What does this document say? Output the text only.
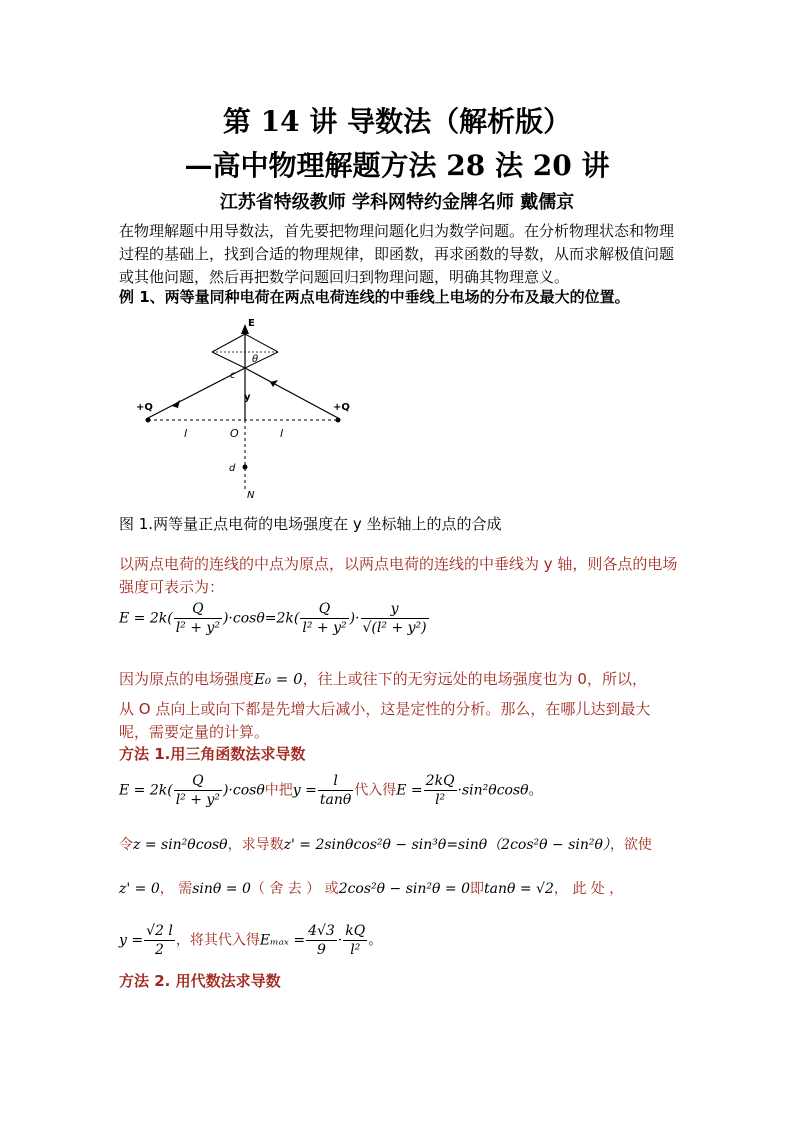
第 14 讲 导数法（解析版）
—高中物理解题方法 28 法 20 讲
江苏省特级教师 学科网特约金牌名师 戴儒京
在物理解题中用导数法，首先要把物理问题化归为数学问题。在分析物理状态和物理过程的基础上，找到合适的物理规律，即函数，再求函数的导数，从而求解极值问题或其他问题，然后再把数学问题回归到物理问题，明确其物理意义。
例 1、两等量同种电荷在两点电荷连线的中垂线上电场的分布及最大的位置。
E
θ
c
y
+Q	+Q
l	O	l
d
N
图 1.两等量正点电荷的电场强度在 y 坐标轴上的点的合成
以两点电荷的连线的中点为原点，以两点电荷的连线的中垂线为 y 轴，则各点的电场强度可表示为：
$E = 2k( \frac{Q}{\text{l² + y²}} )\cdot\cos\theta=2k( \frac{Q}{\text{l² + y²}}$ )· $\frac{y}{\text{√(l² + y²)}}$
因为原点的电场强度E₀ = 0，往上或往下的无穷远处的电场强度也为 0，所以，
从 O 点向上或向下都是先增大后减小，这是定性的分析。那么，在哪儿达到最大呢，需要定量的计算。
方法 1.用三角函数法求导数
$E = 2k( \frac{Q}{\text{l² + y²}} )\cdot\cos\theta$中把$y = \frac{l}{\tan\theta}$ 代入得$E = \frac{2kQ}{\text{l²}} \cdot\sin^2\theta\cos\theta$。
令z = sin²θcosθ，求导数z' = 2sinθcos²θ − sin³θ=sinθ（2cos²θ − sin²θ），欲使
z' = 0， 需sinθ = 0（ 舍 去 ） 或2cos²θ − sin²θ = 0即tanθ = √2， 此 处 ，
$y = \frac{√2 l}{2}$ ，将其代入得$E_{max} = \frac{4√3}{9} \cdot \frac{kQ}{\text{l²}}$ 。
方法 2. 用代数法求导数
